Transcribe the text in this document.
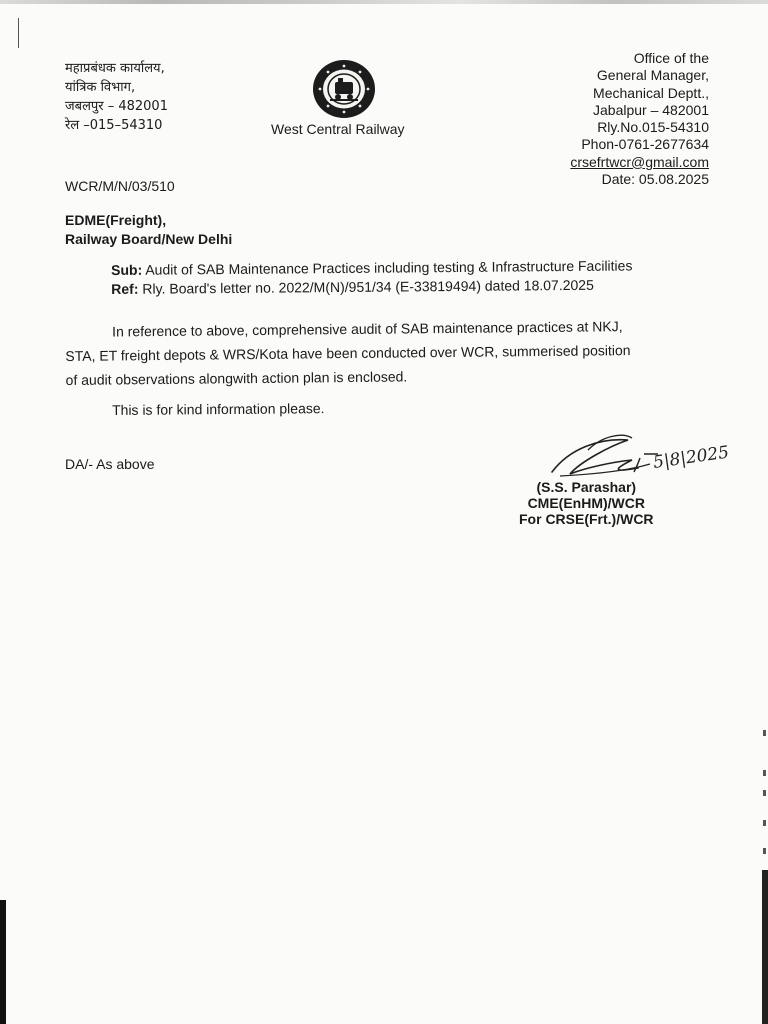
महाप्रबंधक कार्यालय,
यांत्रिक विभाग,
जबलपुर – 482001
रेल –015–54310	West Central Railway
Office of the
General Manager,
Mechanical Deptt.,
Jabalpur – 482001
Rly.No.015-54310
Phon-0761-2677634
crsefrtwcr@gmail.com
Date: 05.08.2025
WCR/M/N/03/510
EDME(Freight),
Railway Board/New Delhi
Sub: Audit of SAB Maintenance Practices including testing & Infrastructure Facilities
Ref: Rly. Board's letter no. 2022/M(N)/951/34 (E-33819494) dated 18.07.2025
In reference to above, comprehensive audit of SAB maintenance practices at NKJ,
STA, ET freight depots & WRS/Kota have been conducted over WCR, summerised position
of audit observations alongwith action plan is enclosed.
This is for kind information please.
DA/- As above	5|8|2025
(S.S. Parashar)
CME(EnHM)/WCR
For CRSE(Frt.)/WCR
